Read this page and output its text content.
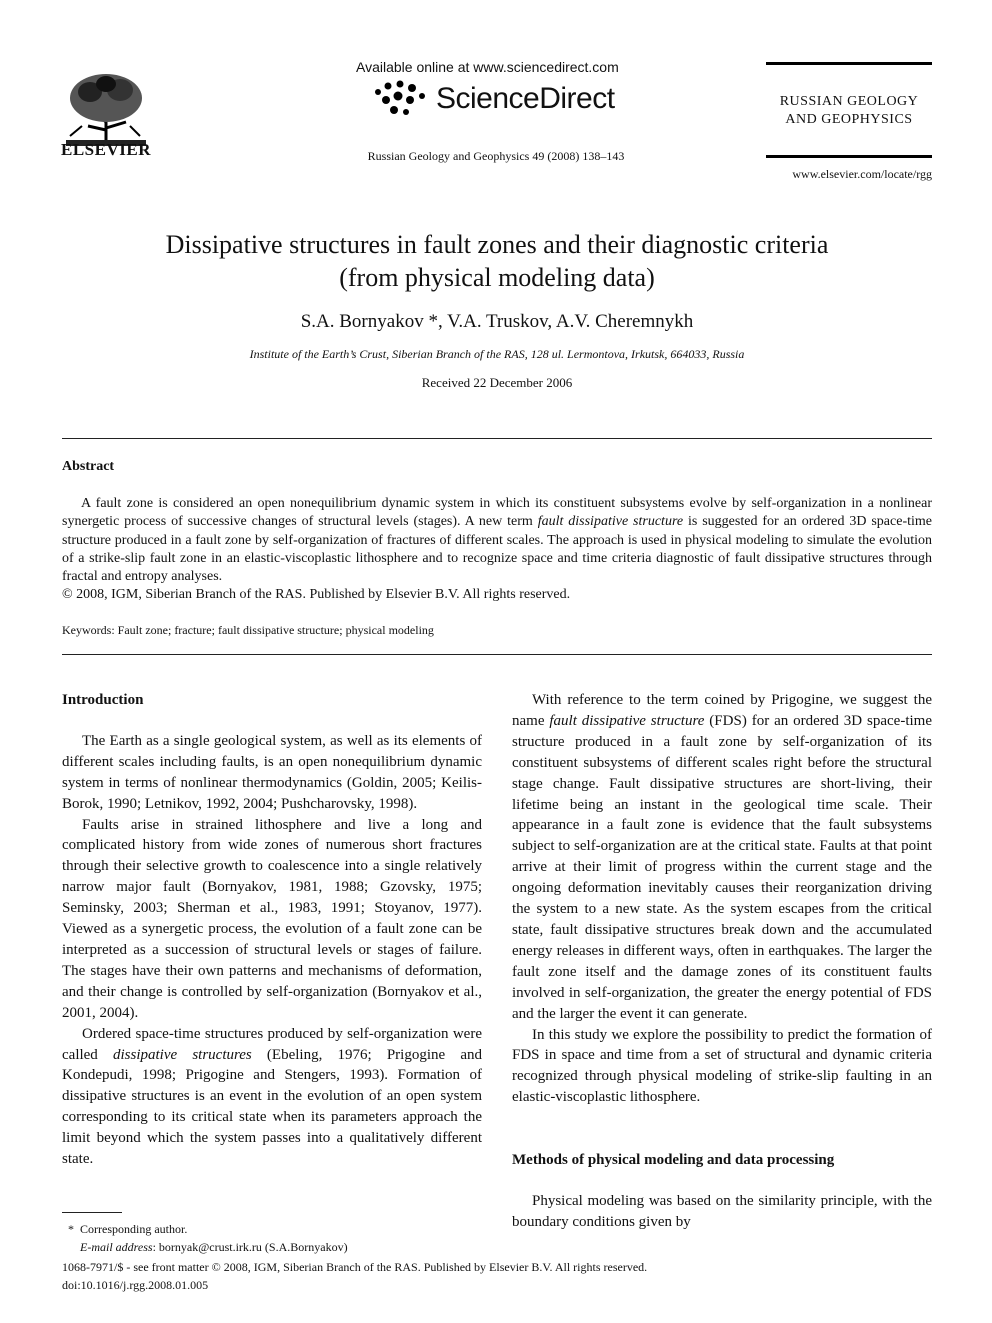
ELSEVIER
Available online at www.sciencedirect.com
ScienceDirect
Russian Geology and Geophysics 49 (2008) 138–143
RUSSIAN GEOLOGY
AND GEOPHYSICS
www.elsevier.com/locate/rgg
Dissipative structures in fault zones and their diagnostic criteria
(from physical modeling data)
S.A. Bornyakov *, V.A. Truskov, A.V. Cheremnykh
Institute of the Earth’s Crust, Siberian Branch of the RAS, 128 ul. Lermontova, Irkutsk, 664033, Russia
Received 22 December 2006
Abstract

A fault zone is considered an open nonequilibrium dynamic system in which its constituent subsystems evolve by self-organization in a nonlinear synergetic process of successive changes of structural levels (stages). A new term fault dissipative structure is suggested for an ordered 3D space-time structure produced in a fault zone by self-organization of fractures of different scales. The approach is used in physical modeling to simulate the evolution of a strike-slip fault zone in an elastic-viscoplastic lithosphere and to recognize space and time criteria diagnostic of fault dissipative structures through fractal and entropy analyses.

© 2008, IGM, Siberian Branch of the RAS. Published by Elsevier B.V. All rights reserved.
Keywords: Fault zone; fracture; fault dissipative structure; physical modeling
Introduction

The Earth as a single geological system, as well as its elements of different scales including faults, is an open nonequilibrium dynamic system in terms of nonlinear thermodynamics (Goldin, 2005; Keilis-Borok, 1990; Letnikov, 1992, 2004; Pushcharovsky, 1998).

Faults arise in strained lithosphere and live a long and complicated history from wide zones of numerous short fractures through their selective growth to coalescence into a single relatively narrow major fault (Bornyakov, 1981, 1988; Gzovsky, 1975; Seminsky, 2003; Sherman et al., 1983, 1991; Stoyanov, 1977). Viewed as a synergetic process, the evolution of a fault zone can be interpreted as a succession of structural levels or stages of failure. The stages have their own patterns and mechanisms of deformation, and their change is controlled by self-organization (Bornyakov et al., 2001, 2004).

Ordered space-time structures produced by self-organization were called dissipative structures (Ebeling, 1976; Prigogine and Kondepudi, 1998; Prigogine and Stengers, 1993). Formation of dissipative structures is an event in the evolution of an open system corresponding to its critical state when its parameters approach the limit beyond which the system passes into a qualitatively different state.

With reference to the term coined by Prigogine, we suggest the name fault dissipative structure (FDS) for an ordered 3D space-time structure produced in a fault zone by self-organization of its constituent subsystems of different scales right before the structural stage change. Fault dissipative structures are short-living, their lifetime being an instant in the geological time scale. Their appearance in a fault zone is evidence that the fault subsystems subject to self-organization are at the critical state. Faults at that point arrive at their limit of progress within the current stage and the ongoing deformation inevitably causes their reorganization driving the system to a new state. As the system escapes from the critical state, fault dissipative structures break down and the accumulated energy releases in different ways, often in earthquakes. The larger the fault zone itself and the damage zones of its constituent faults involved in self-organization, the greater the energy potential of FDS and the larger the event it can generate.

In this study we explore the possibility to predict the formation of FDS in space and time from a set of structural and dynamic criteria recognized through physical modeling of strike-slip faulting in an elastic-viscoplastic lithosphere.

Methods of physical modeling and data processing

Physical modeling was based on the similarity principle, with the boundary conditions given by

* Corresponding author.
E-mail address: bornyak@crust.irk.ru (S.A.Bornyakov)
1068-7971/$ - see front matter © 2008, IGM, Siberian Branch of the RAS. Published by Elsevier B.V. All rights reserved.
doi:10.1016/j.rgg.2008.01.005
